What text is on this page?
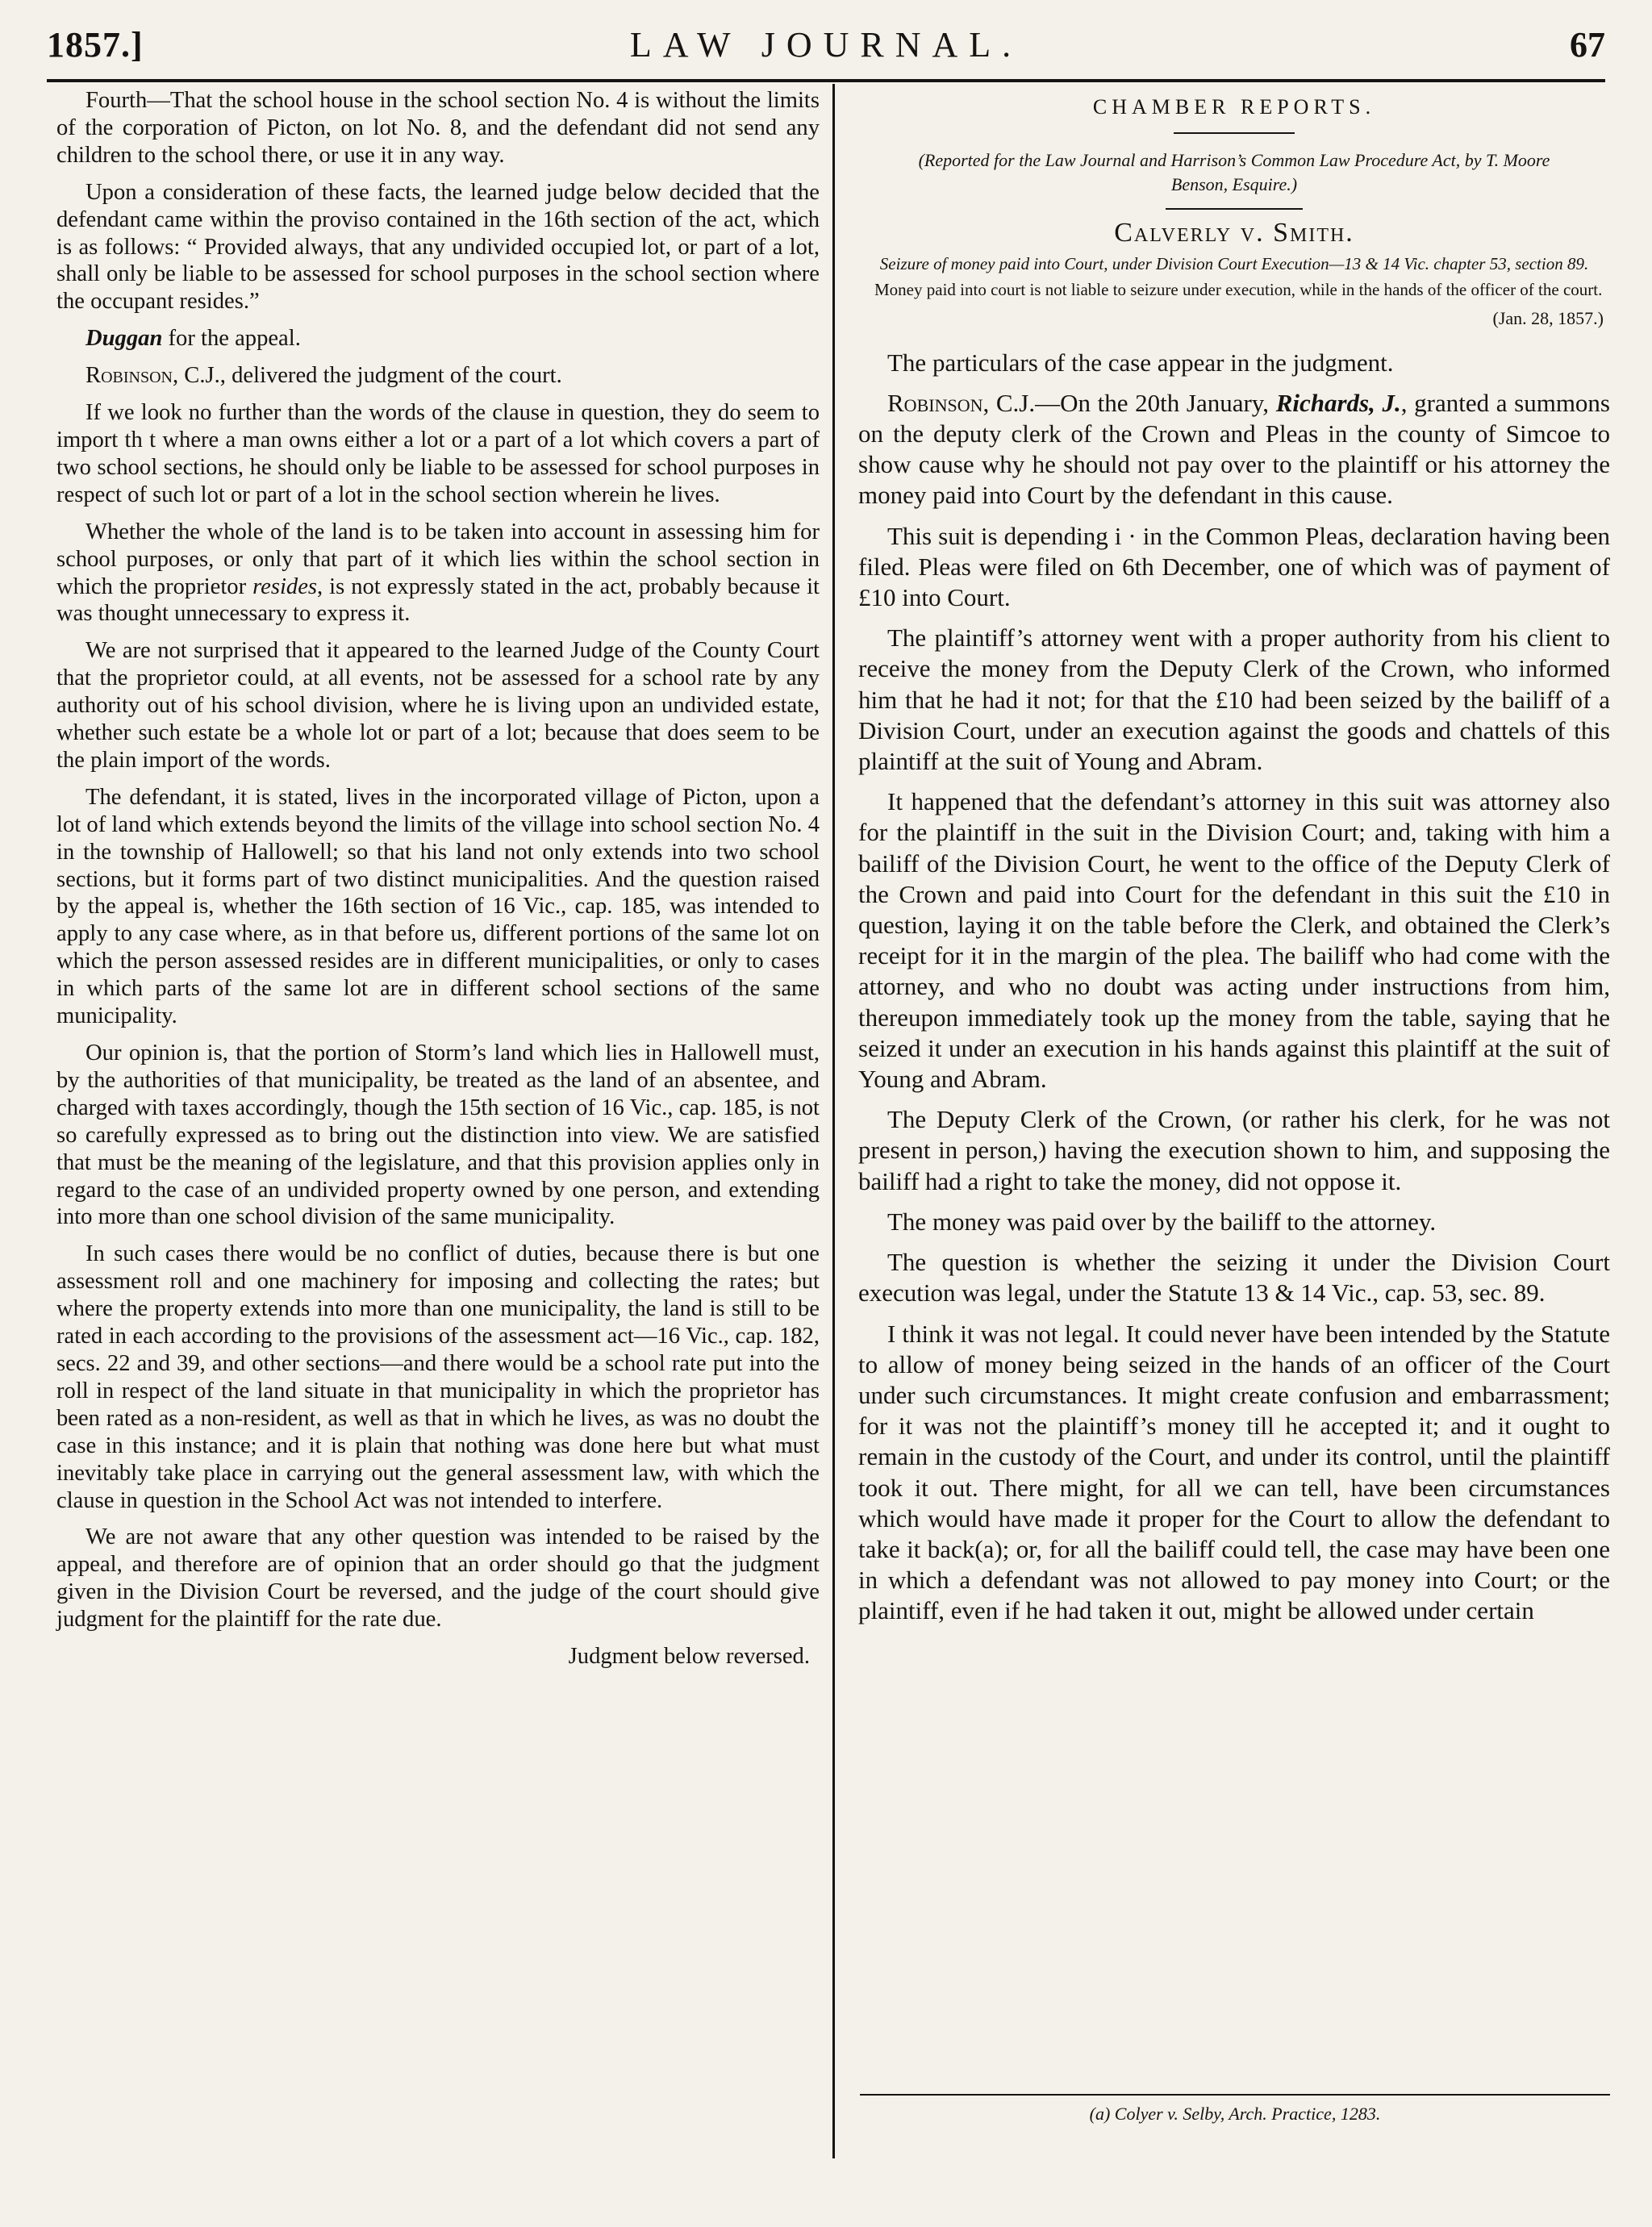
1857.]	LAW JOURNAL.	67

Fourth—That the school house in the school section No. 4 is without the limits of the corporation of Picton, on lot No. 8, and the defendant did not send any children to the school there, or use it in any way.

Upon a consideration of these facts, the learned judge below decided that the defendant came within the proviso contained in the 16th section of the act, which is as follows: “ Provided always, that any undivided occupied lot, or part of a lot, shall only be liable to be assessed for school purposes in the school section where the occupant resides.”

Duggan for the appeal.

Robinson, C.J., delivered the judgment of the court.

If we look no further than the words of the clause in question, they do seem to import th t where a man owns either a lot or a part of a lot which covers a part of two school sections, he should only be liable to be assessed for school purposes in respect of such lot or part of a lot in the school section wherein he lives.

Whether the whole of the land is to be taken into account in assessing him for school purposes, or only that part of it which lies within the school section in which the proprietor resides, is not expressly stated in the act, probably because it was thought unnecessary to express it.

We are not surprised that it appeared to the learned Judge of the County Court that the proprietor could, at all events, not be assessed for a school rate by any authority out of his school division, where he is living upon an undivided estate, whether such estate be a whole lot or part of a lot; because that does seem to be the plain import of the words.

The defendant, it is stated, lives in the incorporated village of Picton, upon a lot of land which extends beyond the limits of the village into school section No. 4 in the township of Hallowell; so that his land not only extends into two school sections, but it forms part of two distinct municipalities. And the question raised by the appeal is, whether the 16th section of 16 Vic., cap. 185, was intended to apply to any case where, as in that before us, different portions of the same lot on which the person assessed resides are in different municipalities, or only to cases in which parts of the same lot are in different school sections of the same municipality.

Our opinion is, that the portion of Storm’s land which lies in Hallowell must, by the authorities of that municipality, be treated as the land of an absentee, and charged with taxes accordingly, though the 15th section of 16 Vic., cap. 185, is not so carefully expressed as to bring out the distinction into view. We are satisfied that must be the meaning of the legislature, and that this provision applies only in regard to the case of an undivided property owned by one person, and extending into more than one school division of the same municipality.

In such cases there would be no conflict of duties, because there is but one assessment roll and one machinery for imposing and collecting the rates; but where the property extends into more than one municipality, the land is still to be rated in each according to the provisions of the assessment act—16 Vic., cap. 182, secs. 22 and 39, and other sections—and there would be a school rate put into the roll in respect of the land situate in that municipality in which the proprietor has been rated as a non-resident, as well as that in which he lives, as was no doubt the case in this instance; and it is plain that nothing was done here but what must inevitably take place in carrying out the general assessment law, with which the clause in question in the School Act was not intended to interfere.

We are not aware that any other question was intended to be raised by the appeal, and therefore are of opinion that an order should go that the judgment given in the Division Court be reversed, and the judge of the court should give judgment for the plaintiff for the rate due.

Judgment below reversed.

CHAMBER REPORTS.

(Reported for the Law Journal and Harrison’s Common Law Procedure Act, by T. Moore Benson, Esquire.)

Calverly v. Smith.

Seizure of money paid into Court, under Division Court Execution—13 & 14 Vic. chapter 53, section 89.

Money paid into court is not liable to seizure under execution, while in the hands of the officer of the court.

(Jan. 28, 1857.)

The particulars of the case appear in the judgment.

Robinson, C.J.—On the 20th January, Richards, J., granted a summons on the deputy clerk of the Crown and Pleas in the county of Simcoe to show cause why he should not pay over to the plaintiff or his attorney the money paid into Court by the defendant in this cause.

This suit is depending i · in the Common Pleas, declaration having been filed. Pleas were filed on 6th December, one of which was of payment of £10 into Court.

The plaintiff’s attorney went with a proper authority from his client to receive the money from the Deputy Clerk of the Crown, who informed him that he had it not; for that the £10 had been seized by the bailiff of a Division Court, under an execution against the goods and chattels of this plaintiff at the suit of Young and Abram.

It happened that the defendant’s attorney in this suit was attorney also for the plaintiff in the suit in the Division Court; and, taking with him a bailiff of the Division Court, he went to the office of the Deputy Clerk of the Crown and paid into Court for the defendant in this suit the £10 in question, laying it on the table before the Clerk, and obtained the Clerk’s receipt for it in the margin of the plea. The bailiff who had come with the attorney, and who no doubt was acting under instructions from him, thereupon immediately took up the money from the table, saying that he seized it under an execution in his hands against this plaintiff at the suit of Young and Abram.

The Deputy Clerk of the Crown, (or rather his clerk, for he was not present in person,) having the execution shown to him, and supposing the bailiff had a right to take the money, did not oppose it.

The money was paid over by the bailiff to the attorney.

The question is whether the seizing it under the Division Court execution was legal, under the Statute 13 & 14 Vic., cap. 53, sec. 89.

I think it was not legal. It could never have been intended by the Statute to allow of money being seized in the hands of an officer of the Court under such circumstances. It might create confusion and embarrassment; for it was not the plaintiff’s money till he accepted it; and it ought to remain in the custody of the Court, and under its control, until the plaintiff took it out. There might, for all we can tell, have been circumstances which would have made it proper for the Court to allow the defendant to take it back(a); or, for all the bailiff could tell, the case may have been one in which a defendant was not allowed to pay money into Court; or the plaintiff, even if he had taken it out, might be allowed under certain

(a) Colyer v. Selby, Arch. Practice, 1283.
